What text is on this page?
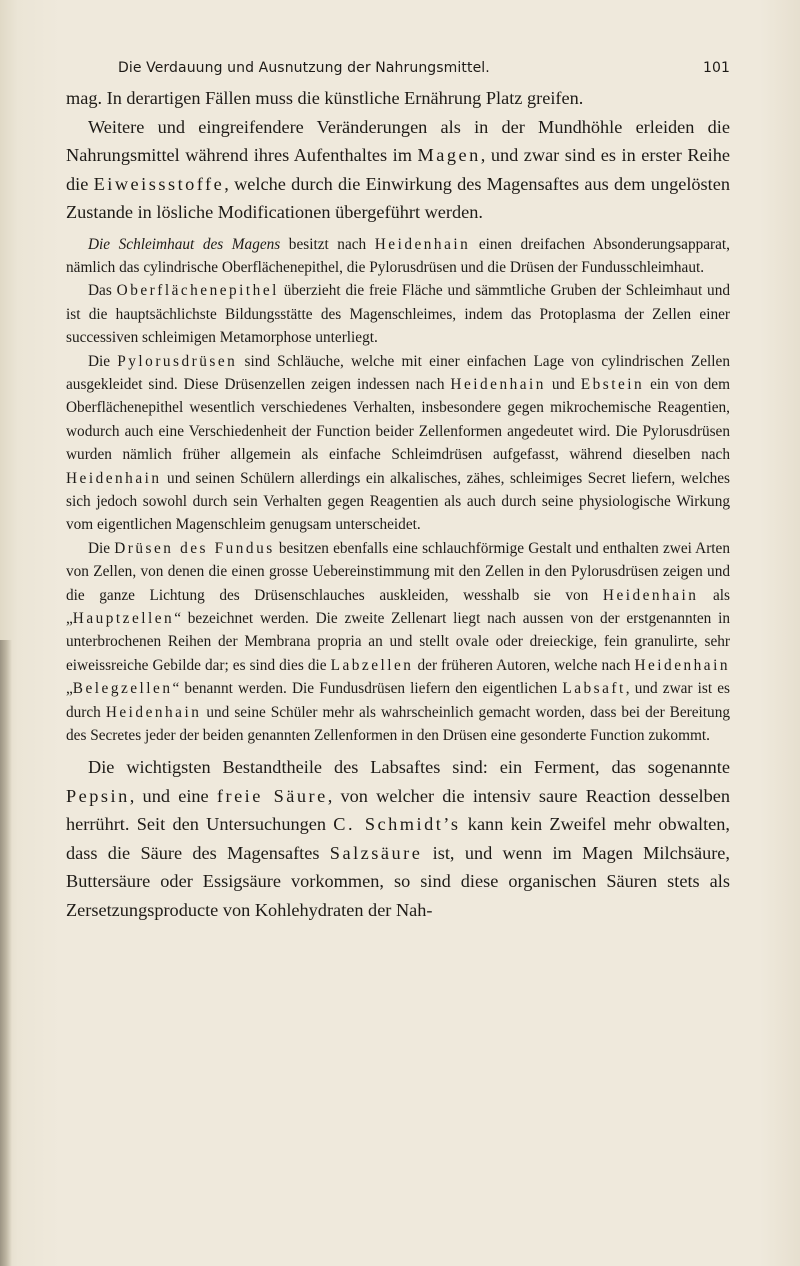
Die Verdauung und Ausnutzung der Nahrungsmittel.	101

mag. In derartigen Fällen muss die künstliche Ernährung Platz greifen.

Weitere und eingreifendere Veränderungen als in der Mundhöhle erleiden die Nahrungsmittel während ihres Aufenthaltes im Magen, und zwar sind es in erster Reihe die Eiweissstoffe, welche durch die Einwirkung des Magensaftes aus dem ungelösten Zustande in lösliche Modificationen übergeführt werden.

Die Schleimhaut des Magens besitzt nach Heidenhain einen dreifachen Absonderungsapparat, nämlich das cylindrische Oberflächenepithel, die Pylorusdrüsen und die Drüsen der Fundusschleimhaut.

Das Oberflächenepithel überzieht die freie Fläche und sämmtliche Gruben der Schleimhaut und ist die hauptsächlichste Bildungsstätte des Magenschleimes, indem das Protoplasma der Zellen einer successiven schleimigen Metamorphose unterliegt.

Die Pylorusdrüsen sind Schläuche, welche mit einer einfachen Lage von cylindrischen Zellen ausgekleidet sind. Diese Drüsenzellen zeigen indessen nach Heidenhain und Ebstein ein von dem Oberflächenepithel wesentlich verschiedenes Verhalten, insbesondere gegen mikrochemische Reagentien, wodurch auch eine Verschiedenheit der Function beider Zellenformen angedeutet wird. Die Pylorusdrüsen wurden nämlich früher allgemein als einfache Schleimdrüsen aufgefasst, während dieselben nach Heidenhain und seinen Schülern allerdings ein alkalisches, zähes, schleimiges Secret liefern, welches sich jedoch sowohl durch sein Verhalten gegen Reagentien als auch durch seine physiologische Wirkung vom eigentlichen Magenschleim genugsam unterscheidet.

Die Drüsen des Fundus besitzen ebenfalls eine schlauchförmige Gestalt und enthalten zwei Arten von Zellen, von denen die einen grosse Uebereinstimmung mit den Zellen in den Pylorusdrüsen zeigen und die ganze Lichtung des Drüsenschlauches auskleiden, wesshalb sie von Heidenhain als „Hauptzellen“ bezeichnet werden. Die zweite Zellenart liegt nach aussen von der erstgenannten in unterbrochenen Reihen der Membrana propria an und stellt ovale oder dreieckige, fein granulirte, sehr eiweissreiche Gebilde dar; es sind dies die Labzellen der früheren Autoren, welche nach Heidenhain „Belegzellen“ benannt werden. Die Fundusdrüsen liefern den eigentlichen Labsaft, und zwar ist es durch Heidenhain und seine Schüler mehr als wahrscheinlich gemacht worden, dass bei der Bereitung des Secretes jeder der beiden genannten Zellenformen in den Drüsen eine gesonderte Function zukommt.

Die wichtigsten Bestandtheile des Labsaftes sind: ein Ferment, das sogenannte Pepsin, und eine freie Säure, von welcher die intensiv saure Reaction desselben herrührt. Seit den Untersuchungen C. Schmidt’s kann kein Zweifel mehr obwalten, dass die Säure des Magensaftes Salzsäure ist, und wenn im Magen Milchsäure, Buttersäure oder Essigsäure vorkommen, so sind diese organischen Säuren stets als Zersetzungsproducte von Kohlehydraten der Nah-
